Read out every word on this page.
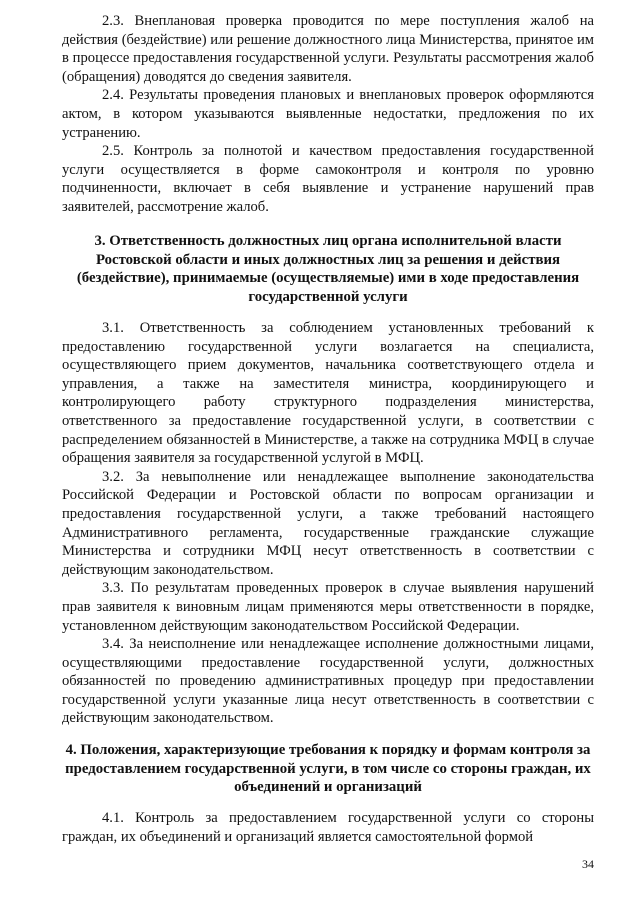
2.3. Внеплановая проверка проводится по мере поступления жалоб на действия (бездействие) или решение должностного лица Министерства, принятое им в процессе предоставления государственной услуги. Результаты рассмотрения жалоб (обращения) доводятся до сведения заявителя.

2.4. Результаты проведения плановых и внеплановых проверок оформляются актом, в котором указываются выявленные недостатки, предложения по их устранению.

2.5. Контроль за полнотой и качеством предоставления государственной услуги осуществляется в форме самоконтроля и контроля по уровню подчиненности, включает в себя выявление и устранение нарушений прав заявителей, рассмотрение жалоб.

3. Ответственность должностных лиц органа исполнительной власти Ростовской области и иных должностных лиц за решения и действия (бездействие), принимаемые (осуществляемые) ими в ходе предоставления государственной услуги

3.1. Ответственность за соблюдением установленных требований к предоставлению государственной услуги возлагается на специалиста, осуществляющего прием документов, начальника соответствующего отдела и управления, а также на заместителя министра, координирующего и контролирующего работу структурного подразделения министерства, ответственного за предоставление государственной услуги, в соответствии с распределением обязанностей в Министерстве, а также на сотрудника МФЦ в случае обращения заявителя за государственной услугой в МФЦ.

3.2. За невыполнение или ненадлежащее выполнение законодательства Российской Федерации и Ростовской области по вопросам организации и предоставления государственной услуги, а также требований настоящего Административного регламента, государственные гражданские служащие Министерства и сотрудники МФЦ несут ответственность в соответствии с действующим законодательством.

3.3. По результатам проведенных проверок в случае выявления нарушений прав заявителя к виновным лицам применяются меры ответственности в порядке, установленном действующим законодательством Российской Федерации.

3.4. За неисполнение или ненадлежащее исполнение должностными лицами, осуществляющими предоставление государственной услуги, должностных обязанностей по проведению административных процедур при предоставлении государственной услуги указанные лица несут ответственность в соответствии с действующим законодательством.

4. Положения, характеризующие требования к порядку и формам контроля за предоставлением государственной услуги, в том числе со стороны граждан, их объединений и организаций

4.1. Контроль за предоставлением государственной услуги со стороны граждан, их объединений и организаций является самостоятельной формой

34
